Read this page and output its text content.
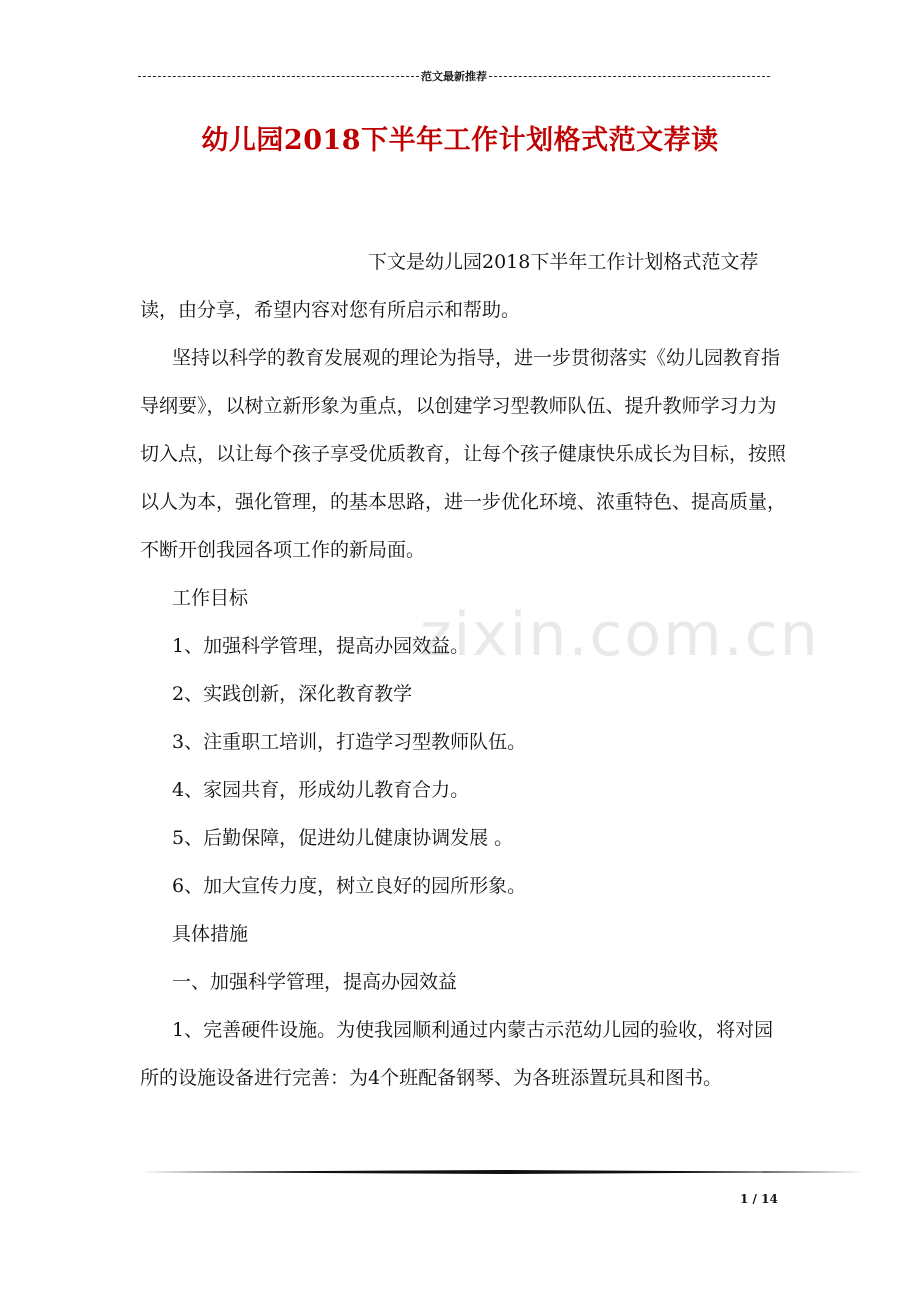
范文最新推荐
幼儿园2018下半年工作计划格式范文荐读
zixin.com.cn

下文是幼儿园2018下半年工作计划格式范文荐读，由分享，希望内容对您有所启示和帮助。

坚持以科学的教育发展观的理论为指导，进一步贯彻落实《幼儿园教育指导纲要》，以树立新形象为重点，以创建学习型教师队伍、提升教师学习力为切入点，以让每个孩子享受优质教育，让每个孩子健康快乐成长为目标，按照以人为本，强化管理，的基本思路，进一步优化环境、浓重特色、提高质量，不断开创我园各项工作的新局面。

工作目标

1、加强科学管理，提高办园效益。

2、实践创新，深化教育教学

3、注重职工培训，打造学习型教师队伍。

4、家园共育，形成幼儿教育合力。

5、后勤保障，促进幼儿健康协调发展 。

6、加大宣传力度，树立良好的园所形象。

具体措施

一、加强科学管理，提高办园效益

1、完善硬件设施。为使我园顺利通过内蒙古示范幼儿园的验收，将对园所的设施设备进行完善：为4个班配备钢琴、为各班添置玩具和图书。

1 / 14
